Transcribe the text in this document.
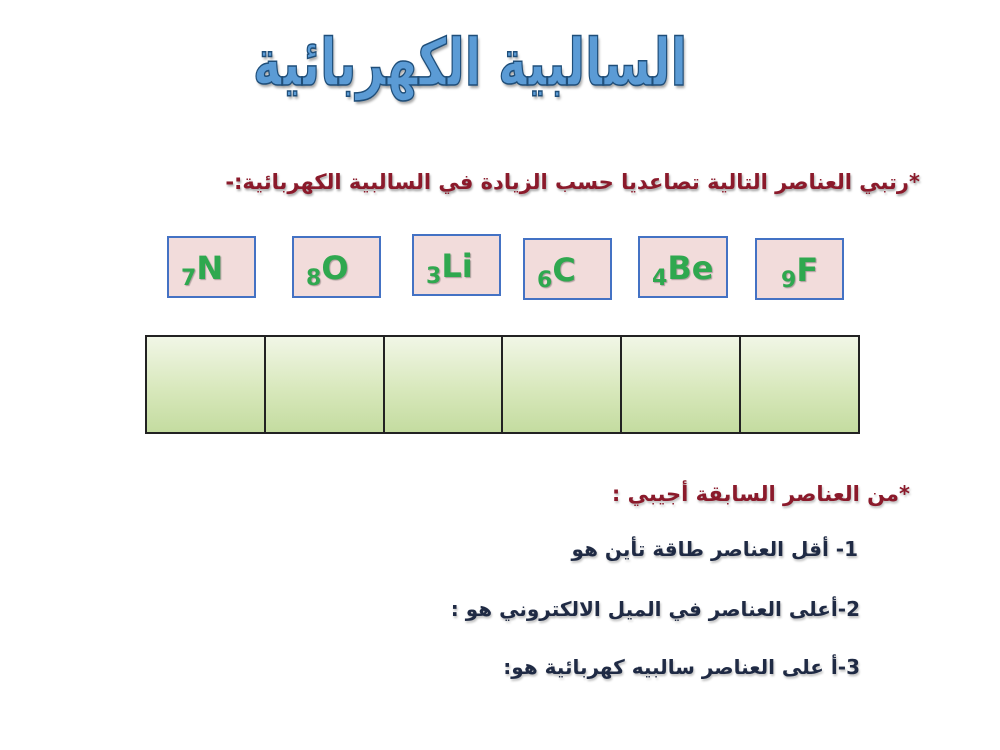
السالبية الكهربائية
*رتبي العناصر التالية تصاعديا حسب الزيادة في السالبية الكهربائية:-
$_7$N	$_8$O	$_3$Li	$_6$C	$_4$Be	$_9$F

*من العناصر السابقة أجيبي :
1- أقل العناصر طاقة تأين هو
2-أعلى العناصر في الميل الالكتروني هو :
3-أ على العناصر سالبيه كهربائية هو:
